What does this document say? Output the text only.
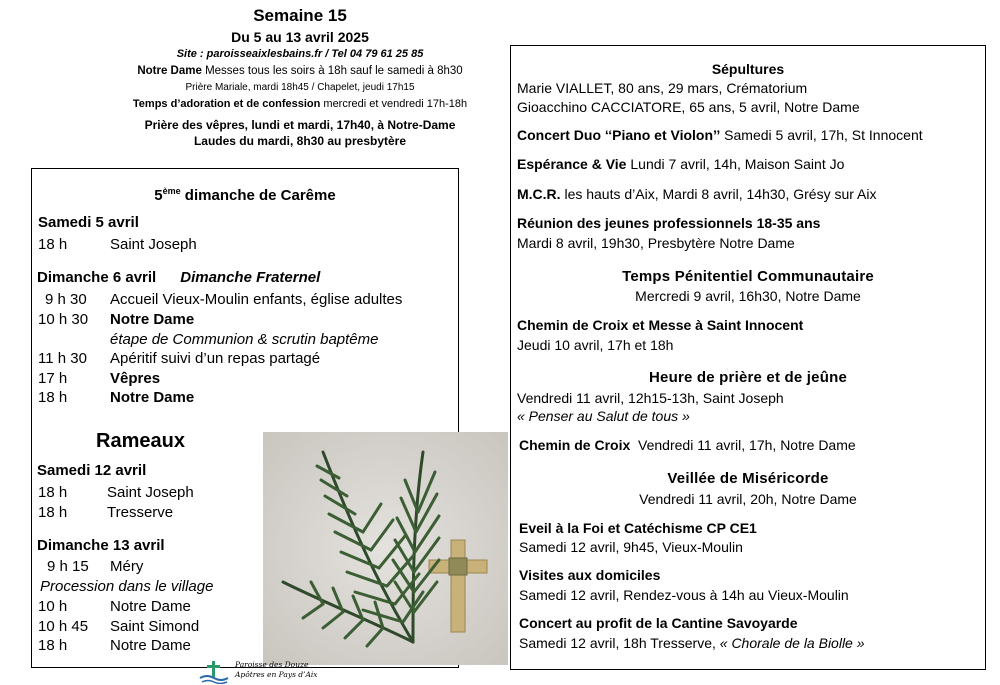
Semaine 15
Du 5 au 13 avril 2025
Site : paroisseaixlesbains.fr / Tel 04 79 61 25 85
Notre Dame Messes tous les soirs à 18h sauf le samedi à 8h30
Prière Mariale, mardi 18h45 / Chapelet, jeudi 17h15
Temps d’adoration et de confession mercredi et vendredi 17h-18h
Prière des vêpres, lundi et mardi, 17h40, à Notre-Dame
Laudes du mardi, 8h30 au presbytère
5ème dimanche de Carême
Samedi 5 avril
18 h	Saint Joseph
Dimanche 6 avril Dimanche Fraternel
9 h 30 Accueil Vieux-Moulin enfants, église adultes
10 h 30 Notre Dame
étape de Communion & scrutin baptême
11 h 30 Apéritif suivi d’un repas partagé
17 h	Vêpres
18 h	Notre Dame
Rameaux
Samedi 12 avril
18 h	Saint Joseph
18 h	Tresserve
Dimanche 13 avril
9 h 15 Méry
Procession dans le village
10 h	Notre Dame
10 h 45 Saint Simond
18 h	Notre Dame
Sépultures
Marie VIALLET, 80 ans, 29 mars, Crématorium
Gioacchino CACCIATORE, 65 ans, 5 avril, Notre Dame
Concert Duo ‘‘Piano et Violon’’ Samedi 5 avril, 17h, St Innocent
Espérance & Vie Lundi 7 avril, 14h, Maison Saint Jo
M.C.R. les hauts d’Aix, Mardi 8 avril, 14h30, Grésy sur Aix
Réunion des jeunes professionnels 18-35 ans
Mardi 8 avril, 19h30, Presbytère Notre Dame
Temps Pénitentiel Communautaire
Mercredi 9 avril, 16h30, Notre Dame
Chemin de Croix et Messe à Saint Innocent
Jeudi 10 avril, 17h et 18h
Heure de prière et de jeûne
Vendredi 11 avril, 12h15-13h, Saint Joseph
« Penser au Salut de tous »
Chemin de Croix  Vendredi 11 avril, 17h, Notre Dame
Veillée de Miséricorde
Vendredi 11 avril, 20h, Notre Dame
Eveil à la Foi et Catéchisme CP CE1
Samedi 12 avril, 9h45, Vieux-Moulin
Visites aux domiciles
Samedi 12 avril, Rendez-vous à 14h au Vieux-Moulin
Concert au profit de la Cantine Savoyarde
Samedi 12 avril, 18h Tresserve, « Chorale de la Biolle »
Paroisse des Douze
Apôtres en Pays d’Aix
